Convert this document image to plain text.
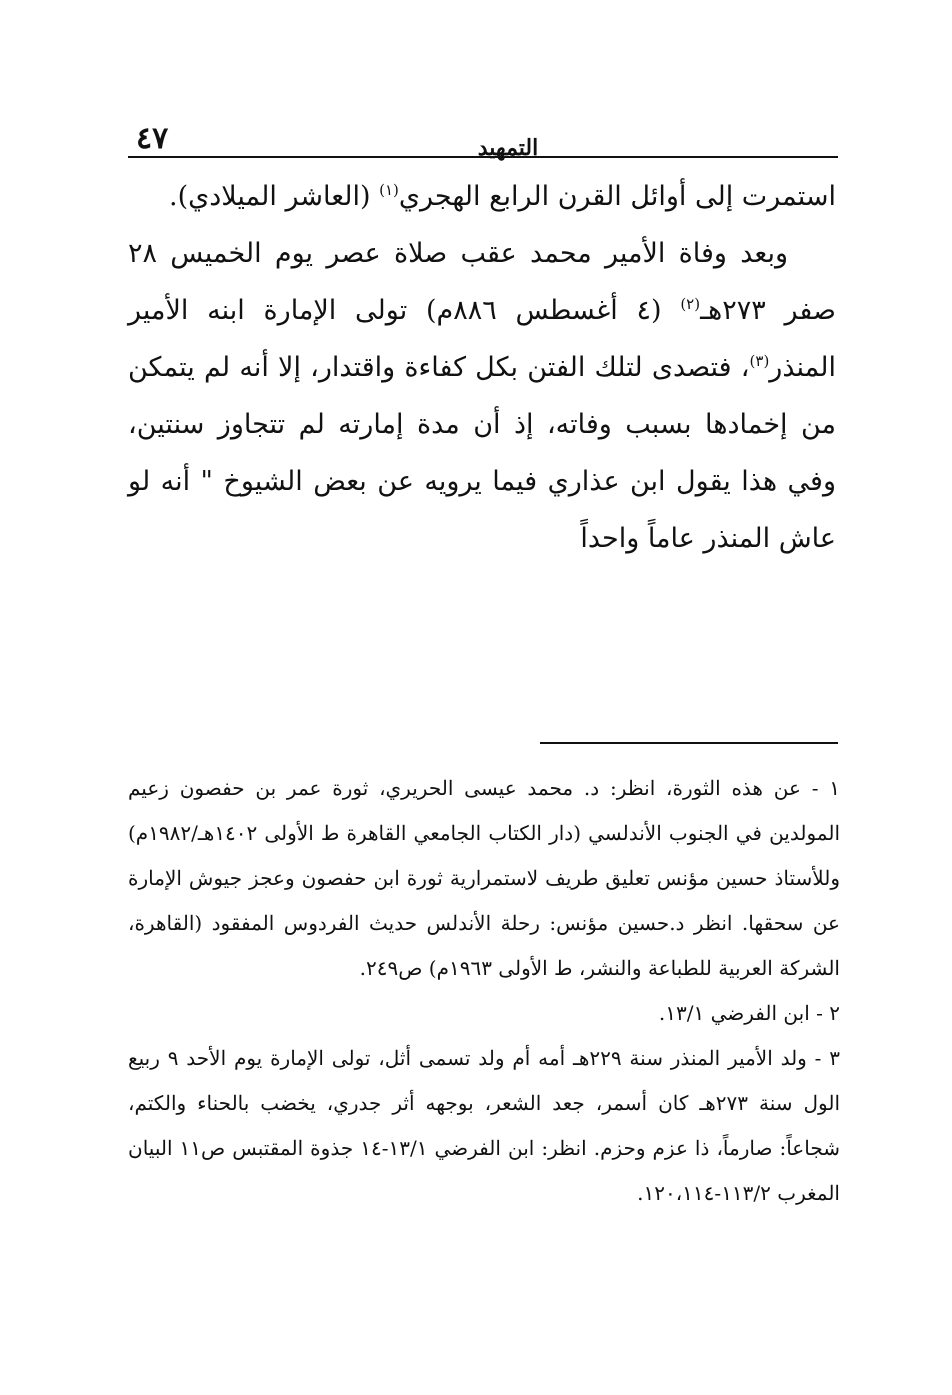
٤٧	التمهيد

استمرت إلى أوائل القرن الرابع الهجري$^{(١)}$ (العاشر الميلادي).

وبعد وفاة الأمير محمد عقب صلاة عصر يوم الخميس ٢٨ صفر ٢٧٣هـ$^{(٢)}$ (٤ أغسطس ٨٨٦م) تولى الإمارة ابنه الأمير المنذر$^{(٣)}$، فتصدى لتلك الفتن بكل كفاءة واقتدار، إلا أنه لم يتمكن من إخمادها بسبب وفاته، إذ أن مدة إمارته لم تتجاوز سنتين، وفي هذا يقول ابن عذاري فيما يرويه عن بعض الشيوخ " أنه لو عاش المنذر عاماً واحداً

١ - عن هذه الثورة، انظر: د. محمد عيسى الحريري، ثورة عمر بن حفصون زعيم المولدين في الجنوب الأندلسي (دار الكتاب الجامعي القاهرة ط الأولى ١٤٠٢هـ/١٩٨٢م) وللأستاذ حسين مؤنس تعليق طريف لاستمرارية ثورة ابن حفصون وعجز جيوش الإمارة عن سحقها. انظر د.حسين مؤنس: رحلة الأندلس حديث الفردوس المفقود (القاهرة، الشركة العربية للطباعة والنشر، ط الأولى ١٩٦٣م) ص٢٤٩.

٢ - ابن الفرضي ١٣/١.

٣ - ولد الأمير المنذر سنة ٢٢٩هـ أمه أم ولد تسمى أثل، تولى الإمارة يوم الأحد ٩ ربيع الول سنة ٢٧٣هـ كان أسمر، جعد الشعر، بوجهه أثر جدري، يخضب بالحناء والكتم، شجاعاً: صارماً، ذا عزم وحزم. انظر: ابن الفرضي ١٣/١-١٤ جذوة المقتبس ص١١ البيان المغرب ١١٣/٢-١٢٠،١١٤.
